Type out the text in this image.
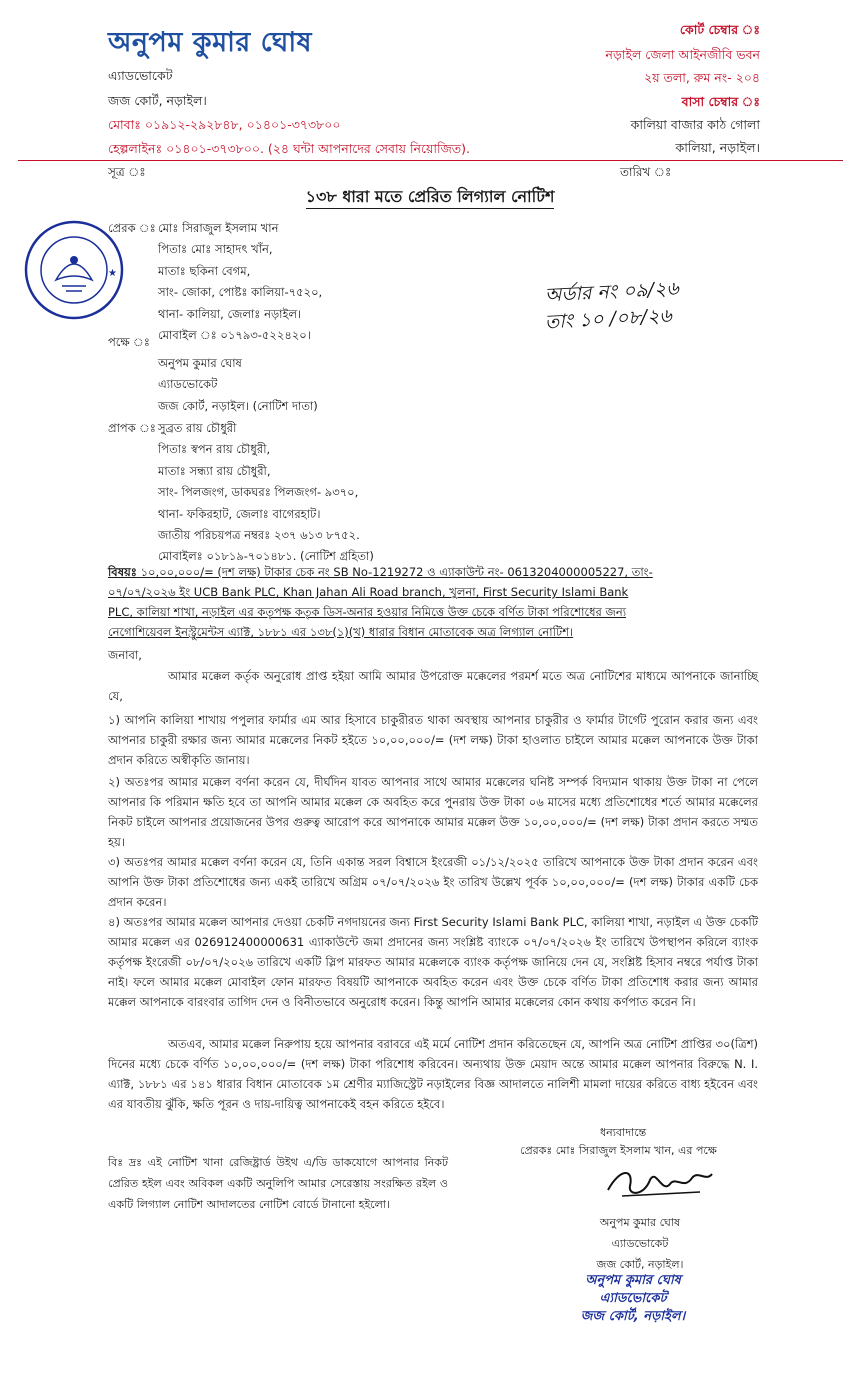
অনুপম কুমার ঘোষ
এ্যাডভোকেট
জজ কোর্ট, নড়াইল।
মোবাঃ ০১৯১২-২৯২৮৪৮, ০১৪০১-৩৭৩৮০০
হেল্পলাইনঃ ০১৪০১-৩৭৩৮০০. (২৪ ঘন্টা আপনাদের সেবায় নিয়োজিত).
কোর্ট চেম্বার ঃ
নড়াইল জেলা আইনজীবি ভবন
২য় তলা, রুম নং- ২০৪
বাসা চেম্বার ঃ
কালিয়া বাজার কাঠ গোলা
কালিয়া, নড়াইল।
সূত্র ঃ	তারিখ ঃ
১৩৮ ধারা মতে প্রেরিত লিগ্যাল নোটিশ
★
প্রেরক ঃ মোঃ সিরাজুল ইসলাম খান
পিতাঃ মোঃ সাহাদৎ খাঁন,
মাতাঃ ছকিনা বেগম,
সাং- জোকা, পোষ্টঃ কালিয়া-৭৫২০,
থানা- কালিয়া, জেলাঃ নড়াইল।
মোবাইল ঃ ০১৭৯৩-৫২২৪২০।
অর্ডার নং ০৯/২৬
তাং ১০ /০৮/২৬
পক্ষে ঃ
অনুপম কুমার ঘোষ
এ্যাডভোকেট
জজ কোর্ট, নড়াইল। (নোটিশ দাতা)
প্রাপক ঃ সুব্রত রায় চৌধুরী
পিতাঃ স্বপন রায় চৌধুরী,
মাতাঃ সন্ধ্যা রায় চৌধুরী,
সাং- পিলজংগ, ডাকঘরঃ পিলজংগ- ৯৩৭০,
থানা- ফকিরহাট, জেলাঃ বাগেরহাট।
জাতীয় পরিচয়পত্র নম্বরঃ ২৩৭ ৬১৩ ৮৭৫২.
মোবাইলঃ ০১৮১৯-৭০১৪৮১. (নোটিশ গ্রহিতা)
বিষয়ঃ ১০,০০,০০০/= (দশ লক্ষ) টাকার চেক নং SB No-1219272 ও এ্যাকাউন্ট নং- 0613204000005227, তাং-
০৭/০৭/২০২৬ ইং UCB Bank PLC, Khan Jahan Ali Road branch, খুলনা, First Security Islami Bank
PLC, কালিয়া শাখা, নড়াইল এর কতৃপক্ষ কতৃক ডিস-অনার হওয়ার নিমিত্তে উক্ত চেকে বর্ণিত টাকা পরিশোধের জন্য
নেগোশিয়েবল ইনস্ট্রুমেন্টস এ্যাক্ট, ১৮৮১ এর ১৩৮(১)(খ) ধারার বিধান মোতাবেক অত্র লিগ্যাল নোটিশ।
জনাবা,
আমার মক্কেল কর্তৃক অনুরোধ প্রাপ্ত হইয়া আমি আমার উপরোক্ত মক্কেলের পরমর্শ মতে অত্র নোটিশের মাধ্যমে আপনাকে জানাচ্ছি যে,
১) আপনি কালিয়া শাখায় পপুলার ফার্মার এম আর হিসাবে চাকুরীরত থাকা অবস্থায় আপনার চাকুরীর ও ফার্মার টার্গেট পুরোন করার জন্য এবং আপনার চাকুরী রক্ষার জন্য আমার মক্কেলের নিকট হইতে ১০,০০,০০০/= (দশ লক্ষ) টাকা হাওলাত চাইলে আমার মক্কেল আপনাকে উক্ত টাকা প্রদান করিতে অস্বীকৃতি জানায়।
২) অতঃপর আমার মক্কেল বর্ণনা করেন যে, দীর্ঘদিন যাবত আপনার সাথে আমার মক্কেলের ঘনিষ্ট সম্পর্ক বিদ্যমান থাকায় উক্ত টাকা না পেলে আপনার কি পরিমান ক্ষতি হবে তা আপনি আমার মক্কেল কে অবহিত করে পুনরায় উক্ত টাকা ০৬ মাসের মধ্যে প্রতিশোধের শর্তে আমার মক্কেলের নিকট চাইলে আপনার প্রয়োজনের উপর গুরুত্ব আরোপ করে আপনাকে আমার মক্কেল উক্ত ১০,০০,০০০/= (দশ লক্ষ) টাকা প্রদান করতে সম্মত হয়।
৩) অতঃপর আমার মক্কেল বর্ণনা করেন যে, তিনি একান্ত সরল বিশ্বাসে ইংরেজী ০১/১২/২০২৫ তারিখে আপনাকে উক্ত টাকা প্রদান করেন এবং আপনি উক্ত টাকা প্রতিশোধের জন্য একই তারিখে অগ্রিম ০৭/০৭/২০২৬ ইং তারিখ উল্লেখ পূর্বক ১০,০০,০০০/= (দশ লক্ষ) টাকার একটি চেক প্রদান করেন।
৪) অতঃপর আমার মক্কেল আপনার দেওয়া চেকটি নগদায়নের জন্য First Security Islami Bank PLC, কালিয়া শাখা, নড়াইল এ উক্ত চেকটি আমার মক্কেল এর 026912400000631 এ্যাকাউন্টে জমা প্রদানের জন্য সংশ্লিষ্ট ব্যাংকে ০৭/০৭/২০২৬ ইং তারিখে উপস্থাপন করিলে ব্যাংক কর্তৃপক্ষ ইংরেজী ০৮/০৭/২০২৬ তারিখে একটি স্লিপ মারফত আমার মক্কেলকে ব্যাংক কর্তৃপক্ষ জানিয়ে দেন যে, সংশ্লিষ্ট হিসাব নম্বরে পর্যাপ্ত টাকা নাই। ফলে আমার মক্কেল মোবাইল ফোন মারফত বিষয়টি আপনাকে অবহিত করেন এবং উক্ত চেকে বর্ণিত টাকা প্রতিশোধ করার জন্য আমার মক্কেল আপনাকে বারংবার তাগিদ দেন ও বিনীতভাবে অনুরোধ করেন। কিন্তু আপনি আমার মক্কেলের কোন কথায় কর্ণপাত করেন নি।
অতএব, আমার মক্কেল নিরুপায় হয়ে আপনার বরাবরে এই মর্মে নোটিশ প্রদান করিতেছেন যে, আপনি অত্র নোটিশ প্রাপ্তির ৩০(ত্রিশ) দিনের মধ্যে চেকে বর্ণিত ১০,০০,০০০/= (দশ লক্ষ) টাকা পরিশোধ করিবেন। অন্যথায় উক্ত মেয়াদ অন্তে আমার মক্কেল আপনার বিরুদ্ধে N. I. এ্যাক্ট, ১৮৮১ এর ১৪১ ধারার বিধান মোতাবেক ১ম শ্রেণীর ম্যাজিস্ট্রেট নড়াইলের বিজ্ঞ আদালতে নালিশী মামলা দায়ের করিতে বাধ্য হইবেন এবং এর যাবতীয় ঝুঁকি, ক্ষতি পূরন ও দায়-দায়িত্ব আপনাকেই বহন করিতে হইবে।
বিঃ দ্রঃ এই নোটিশ খানা রেজিষ্ট্রার্ড উইথ এ/ডি ডাকযোগে আপনার নিকট প্রেরিত হইল এবং অবিকল একটি অনুলিপি আমার সেরেস্তায় সংরক্ষিত রইল ও একটি লিগ্যাল নোটিশ আদালতের নোটিশ বোর্ডে টানানো হইলো।
ধন্যবাদান্তে
প্রেরকঃ মোঃ সিরাজুল ইসলাম খান, এর পক্ষে
অনুপম কুমার ঘোষ
এ্যাডভোকেট
জজ কোর্ট, নড়াইল।
অনুপম কুমার ঘোষ
এ্যাডভোকেট
জজ কোর্ট, নড়াইল।
